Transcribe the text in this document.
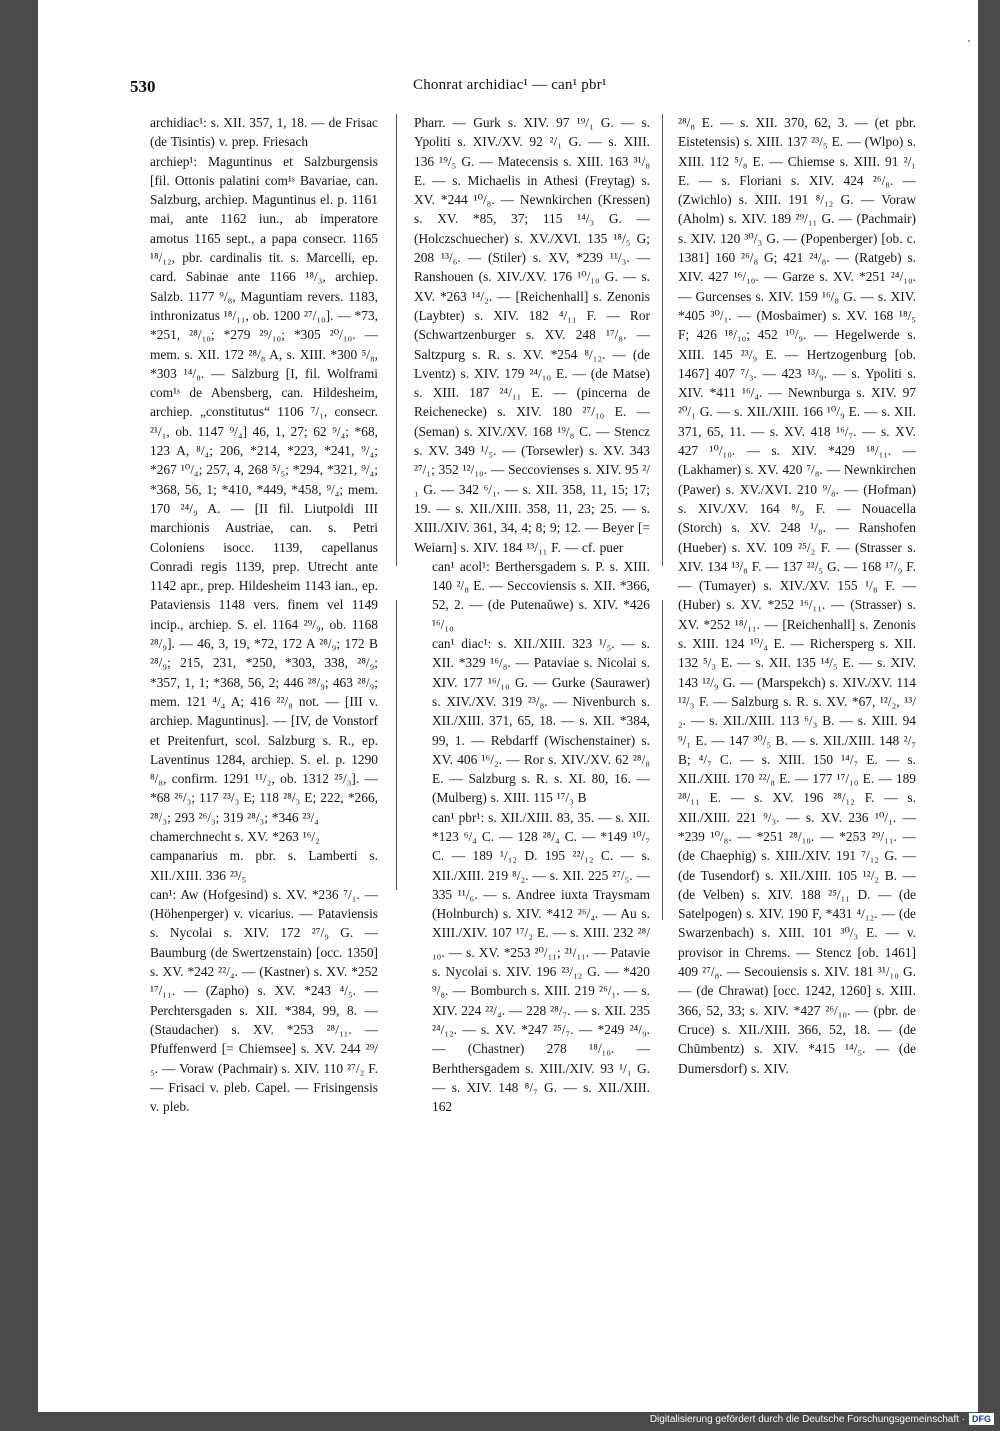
530	Chonrat archidiac¹ — can¹ pbr¹

archidiac¹: s. XII. 357, 1, 18. — de Frisac (de Tisintis) v. prep. Friesach

archiep¹: Maguntinus et Salzburgensis [fil. Ottonis palatini com¹ˢ Bavariae, can. Salzburg, archiep. Maguntinus el. p. 1161 mai, ante 1162 iun., ab imperatore amotus 1165 sept., a papa consecr. 1165 ¹⁸/₁₂, pbr. cardinalis tit. s. Marcelli, ep. card. Sabinae ante 1166 ¹⁸/₃, archiep. Salzb. 1177 ⁹/₈, Maguntiam revers. 1183, inthronizatus ¹⁸/₁₁, ob. 1200 ²⁷/₁₀]. — *73, *251, ²⁸/₁₀; *279 ²⁹/₁₀; *305 ²⁰/₁₀. — mem. s. XII. 172 ²⁸/₈ A, s. XIII. *300 ⁵/₈, *303 ¹⁴/₈. — Salzburg [I, fil. Wolframi com¹ˢ de Abensberg, can. Hildesheim, archiep. „constitutus“ 1106 ⁷/₁, consecr. ²¹/₁, ob. 1147 ⁹/₄] 46, 1, 27; 62 ⁹/₄; *68, 123 A, ⁸/₄; 206, *214, *223, *241, ⁹/₄; *267 ¹⁰/₄; 257, 4, 268 ⁵/₅; *294, *321, ⁹/₄; *368, 56, 1; *410, *449, *458, ⁹/₄; mem. 170 ²⁴/₉ A. — [II fil. Liutpoldi III marchionis Austriae, can. s. Petri Coloniens isocc. 1139, capellanus Conradi regis 1139, prep. Utrecht ante 1142 apr., prep. Hildesheim 1143 ian., ep. Pataviensis 1148 vers. finem vel 1149 incip., archiep. S. el. 1164 ²⁹/₉, ob. 1168 ²⁸/₉]. — 46, 3, 19, *72, 172 A ²⁸/₉; 172 B ²⁸/₉; 215, 231, *250, *303, 338, ²⁸/₉; *357, 1, 1; *368, 56, 2; 446 ²⁸/₉; 463 ²⁸/₉; mem. 121 ⁴/₄ A; 416 ²²/₈ not. — [III v. archiep. Maguntinus]. — [IV, de Vonstorf et Preitenfurt, scol. Salzburg s. R., ep. Laventinus 1284, archiep. S. el. p. 1290 ⁸/₈, confirm. 1291 ¹¹/₂, ob. 1312 ²⁵/₃]. — *68 ²⁶/₃; 117 ²³/₃ E; 118 ²⁸/₃ E; 222, *266, ²⁸/₃; 293 ²⁶/₃; 319 ²⁸/₃; *346 ²³/₄

chamerchnecht s. XV. *263 ¹⁶/₂

campanarius m. pbr. s. Lamberti s. XII./XIII. 336 ²³/₅

can¹: Aw (Hofgesind) s. XV. *236 ⁷/₁. — (Höhenperger) v. vicarius. — Pataviensis s. Nycolai s. XIV. 172 ²⁷/₉ G. — Baumburg (de Swertzenstain) [occ. 1350] s. XV. *242 ²²/₄. — (Kastner) s. XV. *252 ¹⁷/₁₁. — (Zapho) s. XV. *243 ⁴/₅. — Perchtersgaden s. XII. *384, 99, 8. — (Staudacher) s. XV. *253 ²⁸/₁₁. — Pfuffenwerd [= Chiemsee] s. XV. 244 ²⁹/₅. — Voraw (Pachmair) s. XIV. 110 ²⁷/₂ F. — Frisaci v. pleb. Capel. — Frisingensis v. pleb.

Pharr. — Gurk s. XIV. 97 ¹⁹/₁ G. — s. Ypoliti s. XIV./XV. 92 ²/₁ G. — s. XIII. 136 ¹⁹/₅ G. — Matecensis s. XIII. 163 ³¹/₈ E. — s. Michaelis in Athesi (Freytag) s. XV. *244 ¹⁰/₈. — Newnkirchen (Kressen) s. XV. *85, 37; 115 ¹⁴/₃ G. — (Holczschuecher) s. XV./XVI. 135 ¹⁸/₅ G; 208 ¹³/₆. — (Stiler) s. XV, *239 ¹¹/₃. — Ranshouen (s. XIV./XV. 176 ¹⁰/₁₀ G. — s. XV. *263 ¹⁴/₂. — [Reichenhall] s. Zenonis (Laybter) s. XIV. 182 ⁴/₁₁ F. — Ror (Schwartzenburger s. XV. 248 ¹⁷/₈. — Saltzpurg s. R. s. XV. *254 ⁸/₁₂. — (de Lventz) s. XIV. 179 ²⁴/₁₀ E. — (de Matse) s. XIII. 187 ²⁴/₁₁ E. — (pincerna de Reichenecke) s. XIV. 180 ²⁷/₁₀ E. — (Seman) s. XIV./XV. 168 ¹⁹/₈ C. — Stencz s. XV. 349 ¹/₅. — (Torsewler) s. XV. 343 ²⁷/₁; 352 ¹²/₁₀. — Seccovienses s. XIV. 95 ²/₁ G. — 342 ⁶/₁. — s. XII. 358, 11, 15; 17; 19. — s. XII./XIII. 358, 11, 23; 25. — s. XIII./XIV. 361, 34, 4; 8; 9; 12. — Beyer [= Weiarn] s. XIV. 184 ¹³/₁₁ F. — cf. puer

can¹ acol¹: Berthersgadem s. P. s. XIII. 140 ²/₈ E. — Seccoviensis s. XII. *366, 52, 2. — (de Putenaŭwe) s. XIV. *426 ¹⁶/₁₀

can¹ diac¹: s. XII./XIII. 323 ¹/₅. — s. XII. *329 ¹⁶/₈. — Pataviae s. Nicolai s. XIV. 177 ¹⁶/₁₀ G. — Gurke (Saurawer) s. XIV./XV. 319 ²³/₈. — Nivenburch s. XII./XIII. 371, 65, 18. — s. XII. *384, 99, 1. — Rebdarff (Wischenstainer) s. XV. 406 ¹⁶/₂. — Ror s. XIV./XV. 62 ²⁸/₈ E. — Salzburg s. R. s. XI. 80, 16. — (Mulberg) s. XIII. 115 ¹⁷/₃ B

can¹ pbr¹: s. XII./XIII. 83, 35. — s. XII. *123 ⁶/₄ C. — 128 ²⁸/₄ C. — *149 ¹⁰/₇ C. — 189 ¹/₁₂ D. 195 ²²/₁₂ C. — s. XII./XIII. 219 ⁸/₂. — s. XII. 225 ²⁷/₅. — 335 ¹¹/₆. — s. Andree iuxta Traysmam (Holnburch) s. XIV. *412 ²⁶/₄. — Au s. XIII./XIV. 107 ¹⁷/₂ E. — s. XIII. 232 ²⁸/₁₀. — s. XV. *253 ²⁰/₁₁; ²¹/₁₁. — Patavie s. Nycolai s. XIV. 196 ²³/₁₂ G. — *420 ⁹/₈. — Bomburch s. XIII. 219 ²⁶/₁. — s. XIV. 224 ²²/₄. — 228 ²⁸/₇. — s. XII. 235 ²⁴/₁₂. — s. XV. *247 ²⁵/₇. — *249 ²⁴/₉. — (Chastner) 278 ¹⁸/₁₀. — Berhthersgadem s. XIII./XIV. 93 ¹/₁ G. — s. XIV. 148 ⁸/₇ G. — s. XII./XIII. 162

²⁸/₈ E. — s. XII. 370, 62, 3. — (et pbr. Eistetensis) s. XIII. 137 ²³/₅ E. — (Wlpo) s. XIII. 112 ⁵/₈ E. — Chiemse s. XIII. 91 ²/₁ E. — s. Floriani s. XIV. 424 ²⁶/₈. — (Zwichlo) s. XIII. 191 ⁸/₁₂ G. — Voraw (Aholm) s. XIV. 189 ²⁹/₁₁ G. — (Pachmair) s. XIV. 120 ³⁰/₃ G. — (Popenberger) [ob. c. 1381] 160 ²⁶/₈ G; 421 ²⁴/₈. — (Ratgeb) s. XIV. 427 ¹⁶/₁₀. — Garze s. XV. *251 ²⁴/₁₀. — Gurcenses s. XIV. 159 ¹⁶/₈ G. — s. XIV. *405 ³⁰/₁. — (Mosbaimer) s. XV. 168 ¹⁸/₅ F; 426 ¹⁸/₁₀; 452 ¹⁰/₉. — Hegelwerde s. XIII. 145 ²³/₉ E. — Hertzogenburg [ob. 1467] 407 ⁷/₃. — 423 ¹³/₉. — s. Ypoliti s. XIV. *411 ¹⁶/₄. — Newnburga s. XIV. 97 ²⁰/₁ G. — s. XII./XIII. 166 ¹⁰/₉ E. — s. XII. 371, 65, 11. — s. XV. 418 ¹⁶/₇. — s. XV. 427 ¹⁰/₁₀. — s. XIV. *429 ¹⁸/₁₁. — (Lakhamer) s. XV. 420 ⁷/₈. — Newnkirchen (Pawer) s. XV./XVI. 210 ⁹/₈. — (Hofman) s. XIV./XV. 164 ⁸/₉ F. — Nouacella (Storch) s. XV. 248 ¹/₈. — Ranshofen (Hueber) s. XV. 109 ²⁵/₂ F. — (Strasser s. XIV. 134 ¹³/₈ F. — 137 ²²/₅ G. — 168 ¹⁷/₉ F. — (Tumayer) s. XIV./XV. 155 ¹/₈ F. — (Huber) s. XV. *252 ¹⁶/₁₁. — (Strasser) s. XV. *252 ¹⁸/₁₁. — [Reichenhall] s. Zenonis s. XIII. 124 ¹⁰/₄ E. — Richersperg s. XII. 132 ⁵/₃ E. — s. XII. 135 ¹⁴/₅ E. — s. XIV. 143 ¹²/₉ G. — (Marspekch) s. XIV./XV. 114 ¹²/₃ F. — Salzburg s. R. s. XV. *67, ¹²/₂, ¹³/₂. — s. XII./XIII. 113 ⁶/₃ B. — s. XIII. 94 ⁹/₁ E. — 147 ³⁰/₅ B. — s. XII./XIII. 148 ²/₇ B; ⁴/₇ C. — s. XIII. 150 ¹⁴/₇ E. — s. XII./XIII. 170 ²²/₈ E. — 177 ¹⁷/₁₀ E. — 189 ²⁸/₁₁ E. — s. XV. 196 ²⁸/₁₂ F. — s. XII./XIII. 221 ⁹/₃. — s. XV. 236 ¹⁰/₁. — *239 ¹⁰/₈. — *251 ²⁸/₁₀. — *253 ²⁹/₁₁. — (de Chaephig) s. XIII./XIV. 191 ⁷/₁₂ G. — (de Tusendorf) s. XII./XIII. 105 ¹²/₂ B. — (de Velben) s. XIV. 188 ²⁵/₁₁ D. — (de Satelpogen) s. XIV. 190 F, *431 ⁴/₁₂. — (de Swarzenbach) s. XIII. 101 ³⁰/₃ E. — v. provisor in Chrems. — Stencz [ob. 1461] 409 ²⁷/₈. — Secouiensis s. XIV. 181 ³¹/₁₀ G. — (de Chrawat) [occ. 1242, 1260] s. XIII. 366, 52, 33; s. XIV. *427 ²⁶/₁₀. — (pbr. de Cruce) s. XII./XIII. 366, 52, 18. — (de Chūmbentz) s. XIV. *415 ¹⁴/₅. — (de Dumersdorf) s. XIV.

Digitalisierung gefördert durch die Deutsche Forschungsgemeinschaft · DFG
